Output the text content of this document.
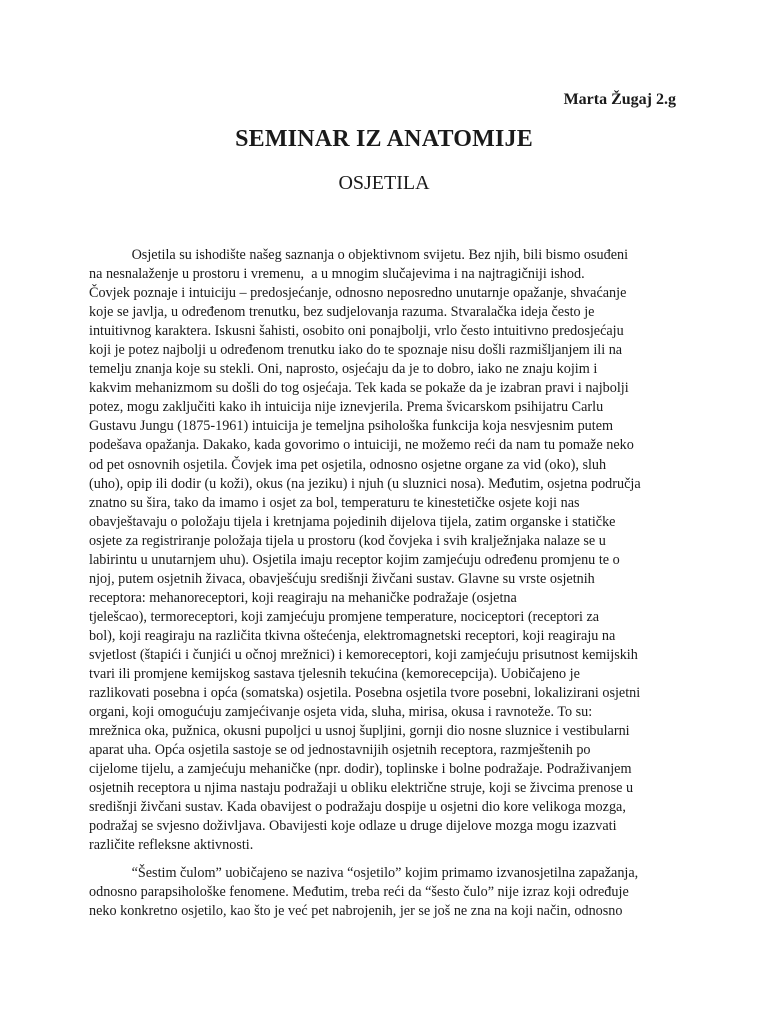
Marta Žugaj 2.g
SEMINAR IZ ANATOMIJE
OSJETILA
Osjetila su ishodište našeg saznanja o objektivnom svijetu. Bez njih, bili bismo osuđeni
na nesnalaženje u prostoru i vremenu,  a u mnogim slučajevima i na najtragičniji ishod.
Čovjek poznaje i intuiciju – predosjećanje, odnosno neposredno unutarnje opažanje, shvaćanje
koje se javlja, u određenom trenutku, bez sudjelovanja razuma. Stvaralačka ideja često je
intuitivnog karaktera. Iskusni šahisti, osobito oni ponajbolji, vrlo često intuitivno predosjećaju
koji je potez najbolji u određenom trenutku iako do te spoznaje nisu došli razmišljanjem ili na
temelju znanja koje su stekli. Oni, naprosto, osjećaju da je to dobro, iako ne znaju kojim i
kakvim mehanizmom su došli do tog osjećaja. Tek kada se pokaže da je izabran pravi i najbolji
potez, mogu zaključiti kako ih intuicija nije iznevjerila. Prema švicarskom psihijatru Carlu
Gustavu Jungu (1875-1961) intuicija je temeljna psihološka funkcija koja nesvjesnim putem
podešava opažanja. Dakako, kada govorimo o intuiciji, ne možemo reći da nam tu pomaže neko
od pet osnovnih osjetila. Čovjek ima pet osjetila, odnosno osjetne organe za vid (oko), sluh
(uho), opip ili dodir (u koži), okus (na jeziku) i njuh (u sluznici nosa). Međutim, osjetna područja
znatno su šira, tako da imamo i osjet za bol, temperaturu te kinestetičke osjete koji nas
obavještavaju o položaju tijela i kretnjama pojedinih dijelova tijela, zatim organske i statičke
osjete za registriranje položaja tijela u prostoru (kod čovjeka i svih kralježnjaka nalaze se u
labirintu u unutarnjem uhu). Osjetila imaju receptor kojim zamjećuju određenu promjenu te o
njoj, putem osjetnih živaca, obavješćuju središnji živčani sustav. Glavne su vrste osjetnih
receptora: mehanoreceptori, koji reagiraju na mehaničke podražaje (osjetna
tjelešcao), termoreceptori, koji zamjećuju promjene temperature, nociceptori (receptori za
bol), koji reagiraju na različita tkivna oštećenja, elektromagnetski receptori, koji reagiraju na
svjetlost (štapići i čunjići u očnoj mrežnici) i kemoreceptori, koji zamjećuju prisutnost kemijskih
tvari ili promjene kemijskog sastava tjelesnih tekućina (kemorecepcija). Uobičajeno je
razlikovati posebna i opća (somatska) osjetila. Posebna osjetila tvore posebni, lokalizirani osjetni
organi, koji omogućuju zamjećivanje osjeta vida, sluha, mirisa, okusa i ravnoteže. To su:
mrežnica oka, pužnica, okusni pupoljci u usnoj šupljini, gornji dio nosne sluznice i vestibularni
aparat uha. Opća osjetila sastoje se od jednostavnijih osjetnih receptora, razmještenih po
cijelome tijelu, a zamjećuju mehaničke (npr. dodir), toplinske i bolne podražaje. Podraživanjem
osjetnih receptora u njima nastaju podražaji u obliku električne struje, koji se živcima prenose u
središnji živčani sustav. Kada obavijest o podražaju dospije u osjetni dio kore velikoga mozga,
podražaj se svjesno doživljava. Obavijesti koje odlaze u druge dijelove mozga mogu izazvati
različite refleksne aktivnosti.
“Šestim čulom” uobičajeno se naziva “osjetilo” kojim primamo izvanosjetilna zapažanja,
odnosno parapsihološke fenomene. Međutim, treba reći da “šesto čulo” nije izraz koji određuje
neko konkretno osjetilo, kao što je već pet nabrojenih, jer se još ne zna na koji način, odnosno
